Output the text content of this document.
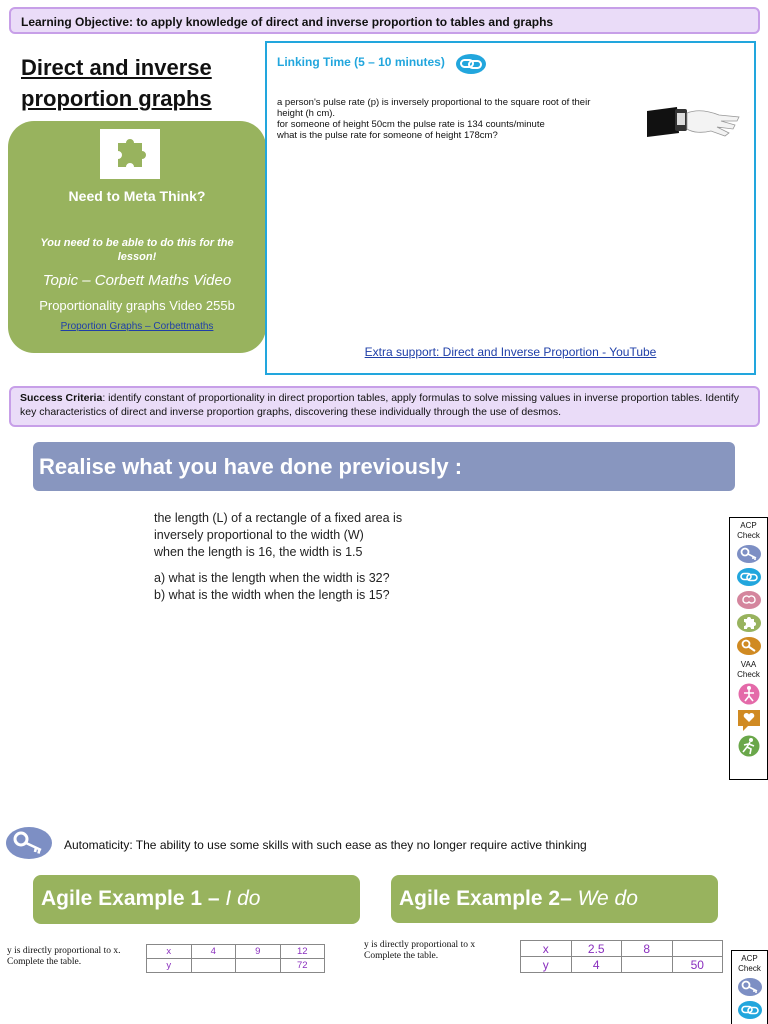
Learning Objective: to apply knowledge of direct and inverse proportion to tables and graphs
Direct and inverse proportion graphs
Need to Meta Think?
You need to be able to do this for the lesson!
Topic – Corbett Maths Video
Proportionality graphs Video 255b
Proportion Graphs – Corbettmaths
Linking Time (5 – 10 minutes)
a person's pulse rate (p) is inversely proportional to the square root of their
height (h cm).
for someone of height 50cm the pulse rate is 134 counts/minute
what is the pulse rate for someone of height 178cm?
Extra support: Direct and Inverse Proportion - YouTube
Success Criteria: identify constant of proportionality in direct proportion tables, apply formulas to solve missing values in inverse proportion tables. Identify key characteristics of direct and inverse proportion graphs, discovering these individually through the use of desmos.
Realise what you have done previously :
the length (L) of a rectangle of a fixed area is
inversely proportional to the width (W)
when the length is 16, the width is 1.5
a) what is the length when the width is 32?
b) what is the width when the length is 15?
ACP Check
VAA Check
Automaticity: The ability to use some skills with such ease as they no longer require active thinking
Agile Example 1 – I do	Agile Example 2– We do
y is directly proportional to x. Complete the table.
x	4	9	12
y			72
y is directly proportional to x Complete the table.
x	2.5	8	
y	4		50	ACP Check
